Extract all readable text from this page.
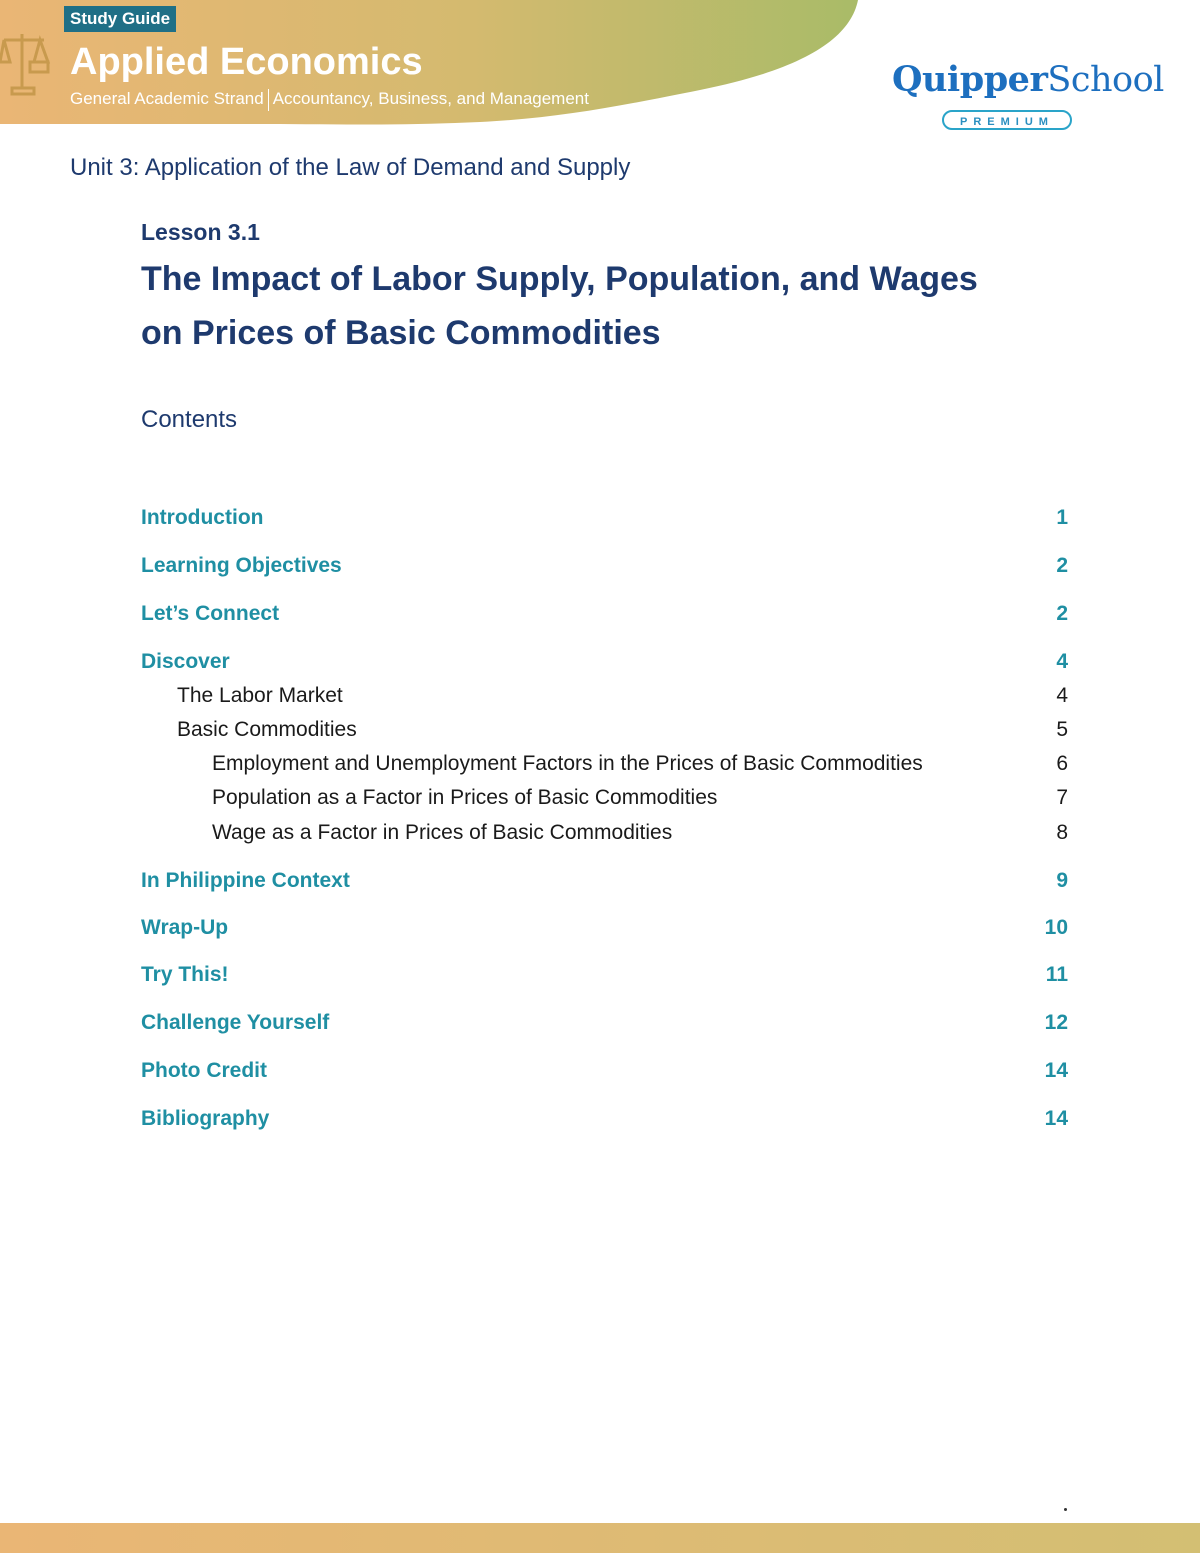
Study Guide
Applied Economics
General Academic Strand Accountancy, Business, and Management	QuipperSchool
PREMIUM
Unit 3: Application of the Law of Demand and Supply
Lesson 3.1
The Impact of Labor Supply, Population, and Wages
on Prices of Basic Commodities
Contents
Introduction	1
Learning Objectives	2
Let’s Connect	2
Discover	4
The Labor Market	4
Basic Commodities	5
Employment and Unemployment Factors in the Prices of Basic Commodities	6
Population as a Factor in Prices of Basic Commodities	7
Wage as a Factor in Prices of Basic Commodities	8
In Philippine Context	9
Wrap-Up	10
Try This!	11
Challenge Yourself	12
Photo Credit	14
Bibliography	14
